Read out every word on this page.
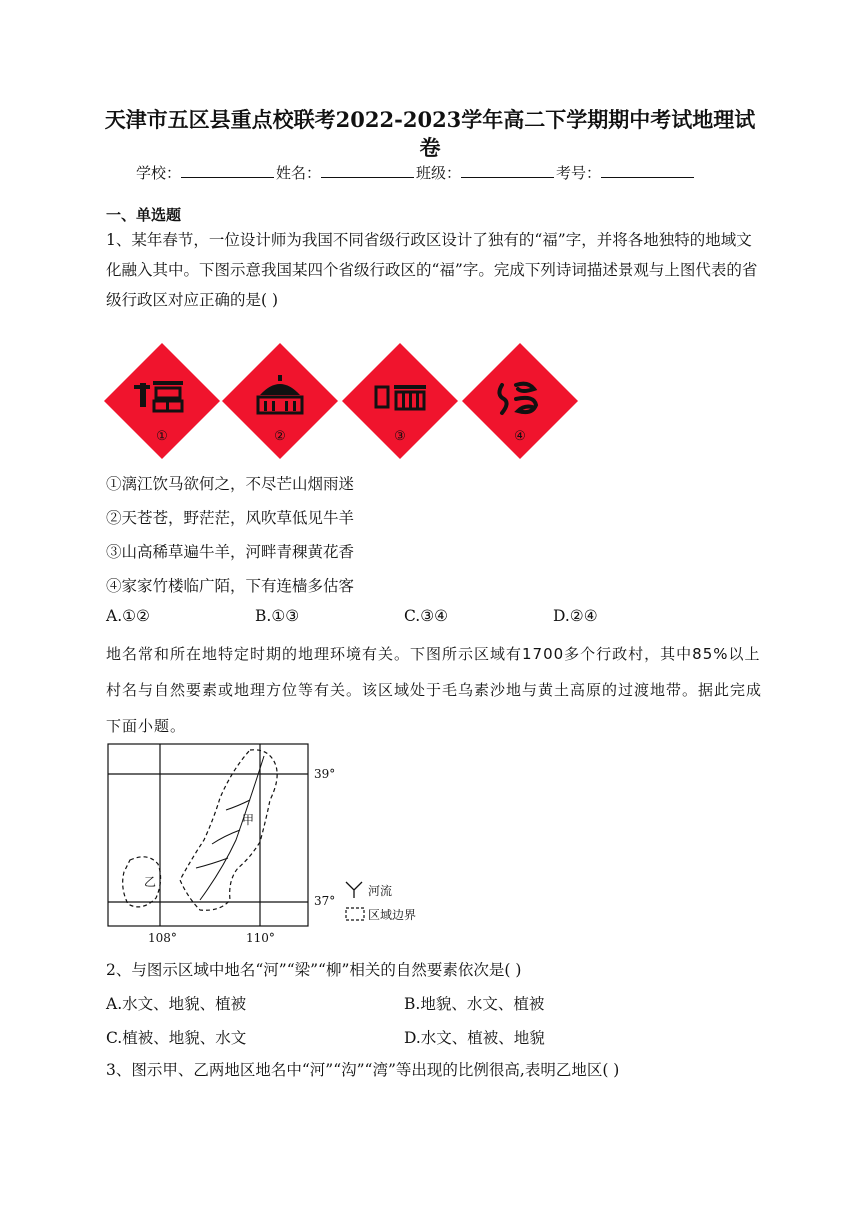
天津市五区县重点校联考2022-2023学年高二下学期期中考试地理试卷
学校：	姓名：	班级：	考号：
一、单选题
1、某年春节，一位设计师为我国不同省级行政区设计了独有的“福”字，并将各地独特的地域文化融入其中。下图示意我国某四个省级行政区的“福”字。完成下列诗词描述景观与上图代表的省级行政区对应正确的是( )
①	②	③	④
①漓江饮马欲何之，不尽芒山烟雨迷
②天苍苍，野茫茫，风吹草低见牛羊
③山高稀草遍牛羊，河畔青稞黄花香
④家家竹楼临广陌，下有连樯多估客
A.①②	B.①③	C.③④	D.②④
地名常和所在地特定时期的地理环境有关。下图所示区域有1700多个行政村，其中85%以上村名与自然要素或地理方位等有关。该区域处于毛乌素沙地与黄土高原的过渡地带。据此完成下面小题。
甲
乙
39°
37°
108°	110°
河流
区域边界
2、与图示区域中地名“河”“梁”“柳”相关的自然要素依次是( )
A.水文、地貌、植被	B.地貌、水文、植被
C.植被、地貌、水文	D.水文、植被、地貌
3、图示甲、乙两地区地名中“河”“沟”“湾”等出现的比例很高,表明乙地区( )
